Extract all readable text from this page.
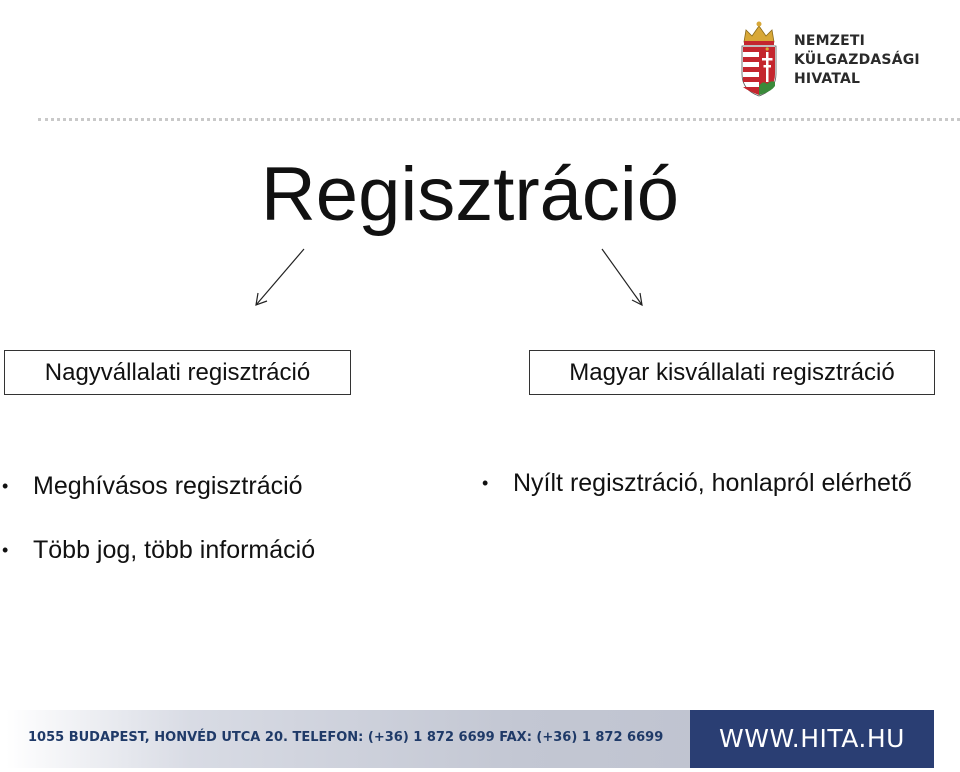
NEMZETI
KÜLGAZDASÁGI
HIVATAL
Regisztráció
Nagyvállalati regisztráció	Magyar kisvállalati regisztráció
• Meghívásos regisztráció
• Több jog, több információ
• Nyílt regisztráció, honlapról elérhető
1055 BUDAPEST, HONVÉD UTCA 20. TELEFON: (+36) 1 872 6699 FAX: (+36) 1 872 6699	WWW.HITA.HU
